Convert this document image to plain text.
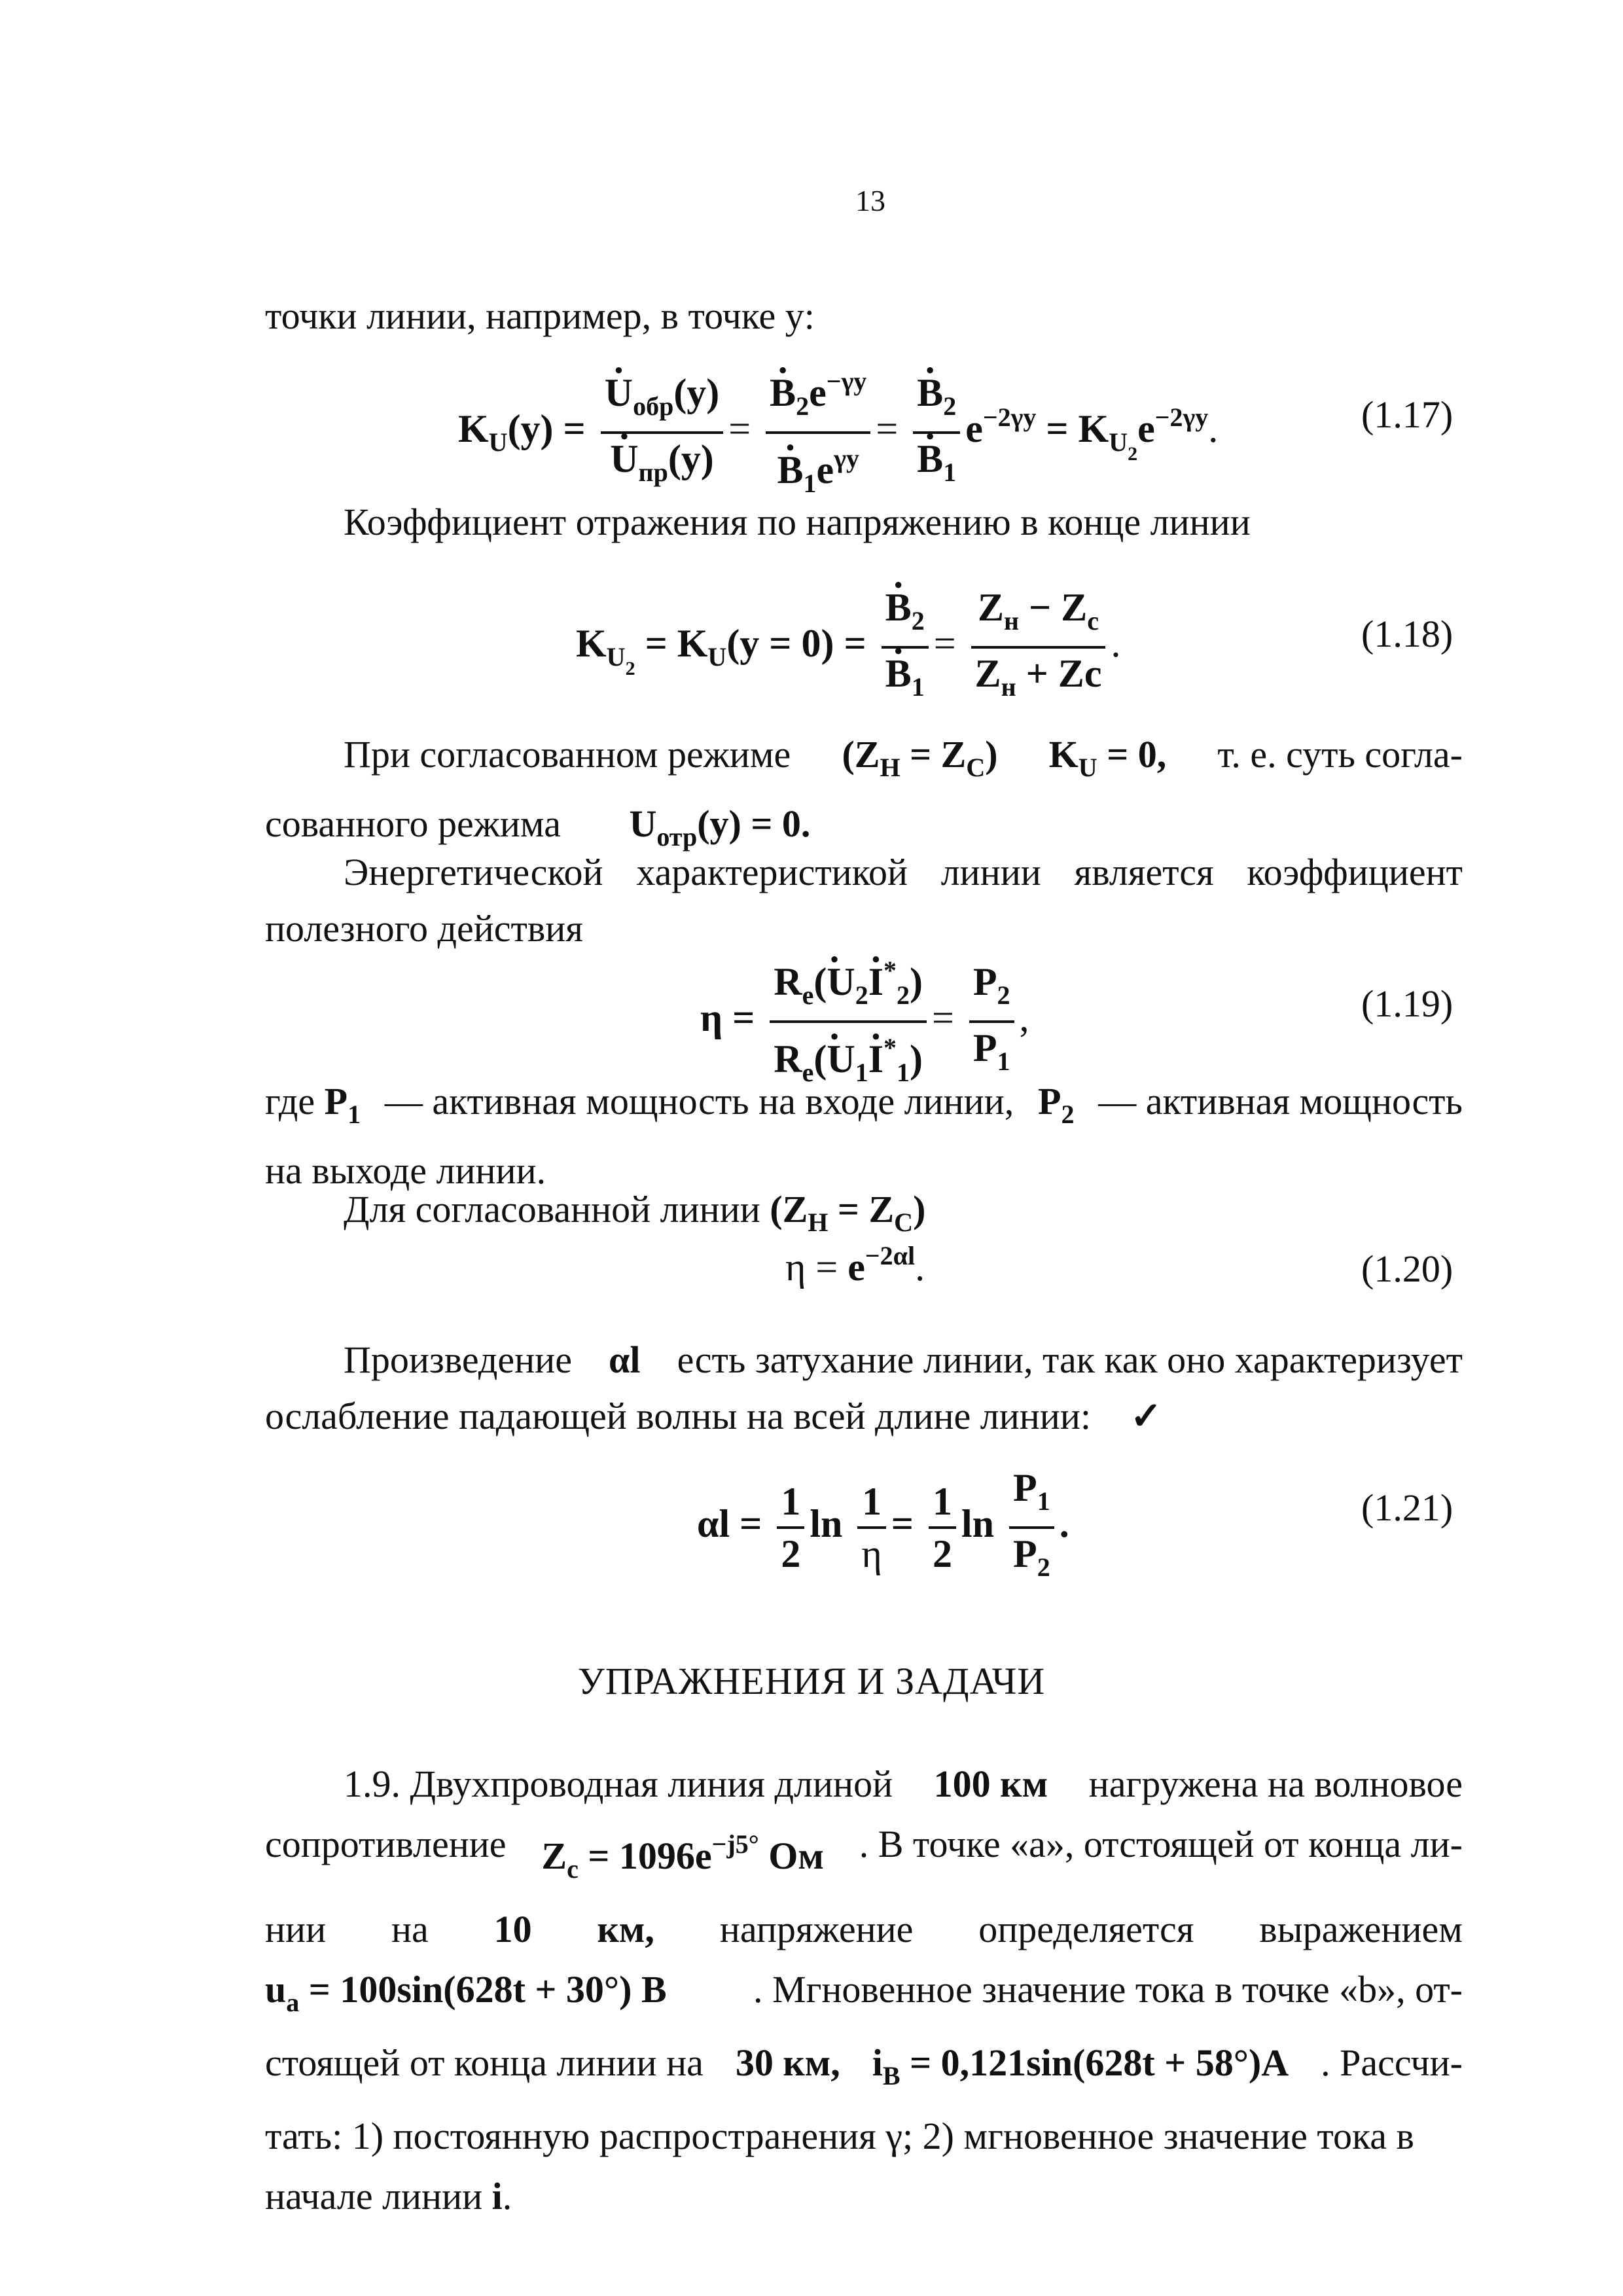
13
точки линии, например, в точке y:
$K_U(y)$ = · $U_{обр}(y)$
· $U_{пр}(y)$ = · $B_2e^{-\gamma y}$
· $B_1e^{\gamma y}$ = · $B_2$
· $B_1$ $e^{-2\gamma y} = K_{U_2}e^{-2\gamma y}$.	(1.17)
Коэффициент отражения по напряжению в конце линии
$K_{U_2} = K_U(y = 0)$ = · $B_2$
· $B_1 = \frac{Z_н - Z_c}{Z_н + Zc}$ .	(1.18)
При согласованном режиме $(Z_H = Z_C) K_U = 0$, т. е. суть согла-
сованного режима $U_{отр}(y) = 0$.
Энергетической характеристикой линии является коэффициент полезного действия
$\eta = \frac{R_e\cdot (U_2\cdot I^*_2)}{R_e\cdot (U_1\cdot I^*_1)} = \frac{P_2}{P_1}$ ,	(1.19)
где $P_1$ — активная мощность на входе линии, $P_2$ — активная мощность
на выходе линии.
Для согласованной линии $(Z_H = Z_C)$
$\eta = e^{-2\alpha l}$.	(1.20)
Произведение αl есть затухание линии, так как оно характеризует
ослабление падающей волны на всей длине линии: ✓
$\alpha l = \frac{1}{2}$ $\ln \frac{1}{\eta} = \frac{1}{2}$ $\ln \frac{P_1}{P_2}$ .	(1.21)
УПРАЖНЕНИЯ И ЗАДАЧИ
1.9. Двухпроводная линия длиной 100 км нагружена на волновое
сопротивление $Z_c = 1096e^{-j5^\circ}$ Ом . В точке «a», отстоящей от конца ли-
нии на 10 км, напряжение определяется выражением
$u_a = 100\sin(628t + 30^\circ)$ B . Мгновенное значение тока в точке «b», от-
стоящей от конца линии на 30 км, $i_B = 0,121\sin(628t + 58^\circ)A$ . Рассчи-
тать: 1) постоянную распространения γ; 2) мгновенное значение тока в
начале линии i.
